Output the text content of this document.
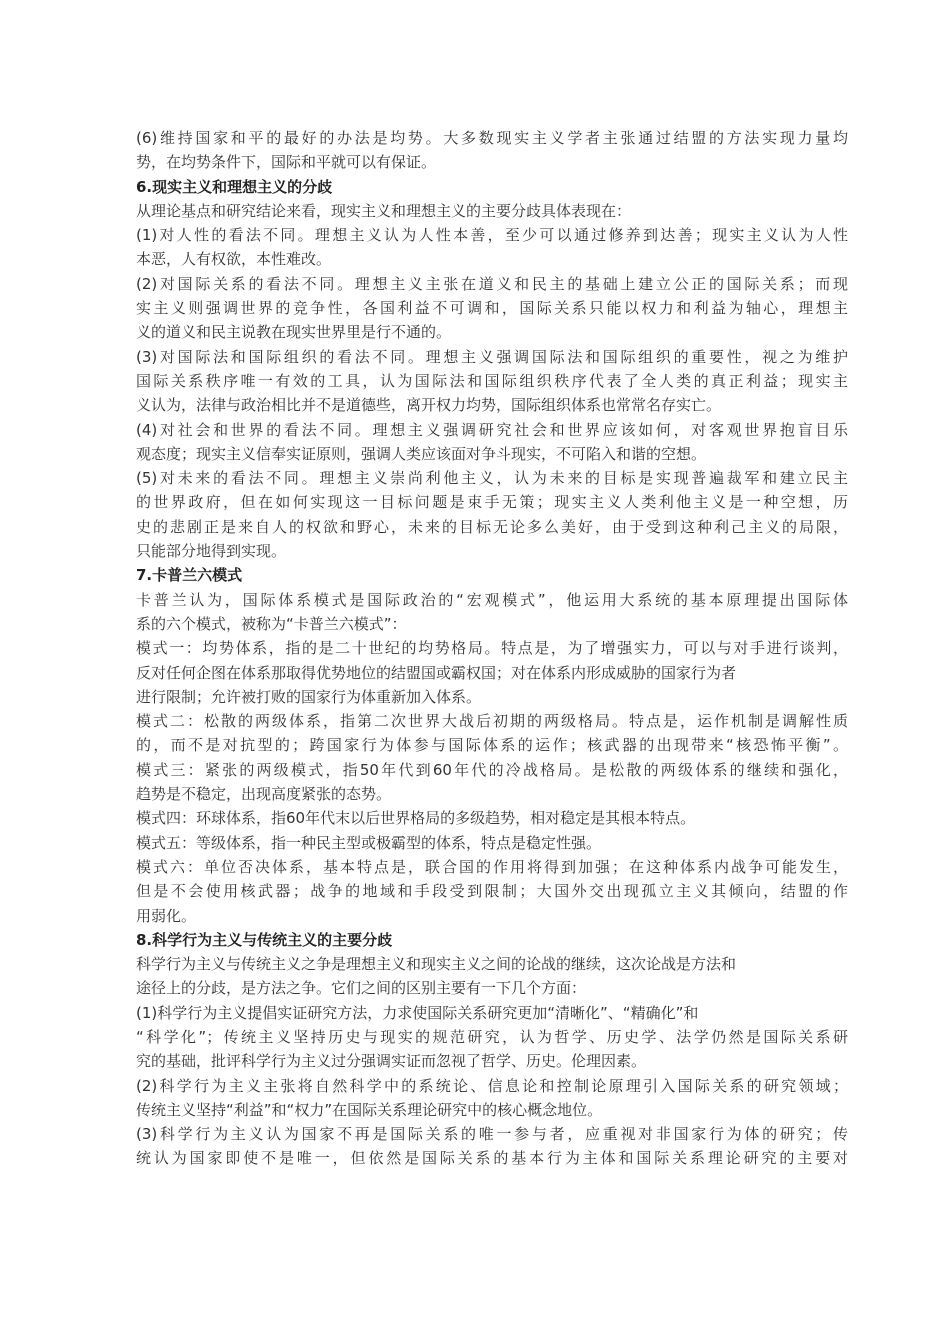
(6)维持国家和平的最好的办法是均势。大多数现实主义学者主张通过结盟的方法实现力量均
势，在均势条件下，国际和平就可以有保证。
6.现实主义和理想主义的分歧
从理论基点和研究结论来看，现实主义和理想主义的主要分歧具体表现在：
(1)对人性的看法不同。理想主义认为人性本善，至少可以通过修养到达善；现实主义认为人性
本恶，人有权欲，本性难改。
(2)对国际关系的看法不同。理想主义主张在道义和民主的基础上建立公正的国际关系；而现
实主义则强调世界的竞争性，各国利益不可调和，国际关系只能以权力和利益为轴心，理想主
义的道义和民主说教在现实世界里是行不通的。
(3)对国际法和国际组织的看法不同。理想主义强调国际法和国际组织的重要性，视之为维护
国际关系秩序唯一有效的工具，认为国际法和国际组织秩序代表了全人类的真正利益；现实主
义认为，法律与政治相比并不是道德些，离开权力均势，国际组织体系也常常名存实亡。
(4)对社会和世界的看法不同。理想主义强调研究社会和世界应该如何，对客观世界抱盲目乐
观态度；现实主义信奉实证原则，强调人类应该面对争斗现实，不可陷入和谐的空想。
(5)对未来的看法不同。理想主义崇尚利他主义，认为未来的目标是实现普遍裁军和建立民主
的世界政府，但在如何实现这一目标问题是束手无策；现实主义人类利他主义是一种空想，历
史的悲剧正是来自人的权欲和野心，未来的目标无论多么美好，由于受到这种利己主义的局限，
只能部分地得到实现。
7.卡普兰六模式
卡普兰认为，国际体系模式是国际政治的“宏观模式”，他运用大系统的基本原理提出国际体
系的六个模式，被称为“卡普兰六模式”：
模式一：均势体系，指的是二十世纪的均势格局。特点是，为了增强实力，可以与对手进行谈判，
反对任何企图在体系那取得优势地位的结盟国或霸权国；对在体系内形成威胁的国家行为者
进行限制；允许被打败的国家行为体重新加入体系。
模式二：松散的两级体系，指第二次世界大战后初期的两级格局。特点是，运作机制是调解性质
的，而不是对抗型的；跨国家行为体参与国际体系的运作；核武器的出现带来“核恐怖平衡”。
模式三：紧张的两级模式，指50年代到60年代的冷战格局。是松散的两级体系的继续和强化，
趋势是不稳定，出现高度紧张的态势。
模式四：环球体系，指60年代末以后世界格局的多级趋势，相对稳定是其根本特点。
模式五：等级体系，指一种民主型或极霸型的体系，特点是稳定性强。
模式六：单位否决体系，基本特点是，联合国的作用将得到加强；在这种体系内战争可能发生，
但是不会使用核武器；战争的地域和手段受到限制；大国外交出现孤立主义其倾向，结盟的作
用弱化。
8.科学行为主义与传统主义的主要分歧
科学行为主义与传统主义之争是理想主义和现实主义之间的论战的继续，这次论战是方法和
途径上的分歧，是方法之争。它们之间的区别主要有一下几个方面：
(1)科学行为主义提倡实证研究方法，力求使国际关系研究更加“清晰化”、“精确化”和
“科学化”；传统主义坚持历史与现实的规范研究，认为哲学、历史学、法学仍然是国际关系研
究的基础，批评科学行为主义过分强调实证而忽视了哲学、历史。伦理因素。
(2)科学行为主义主张将自然科学中的系统论、信息论和控制论原理引入国际关系的研究领域；
传统主义坚持“利益”和“权力”在国际关系理论研究中的核心概念地位。
(3)科学行为主义认为国家不再是国际关系的唯一参与者，应重视对非国家行为体的研究；传
统认为国家即使不是唯一，但依然是国际关系的基本行为主体和国际关系理论研究的主要对
